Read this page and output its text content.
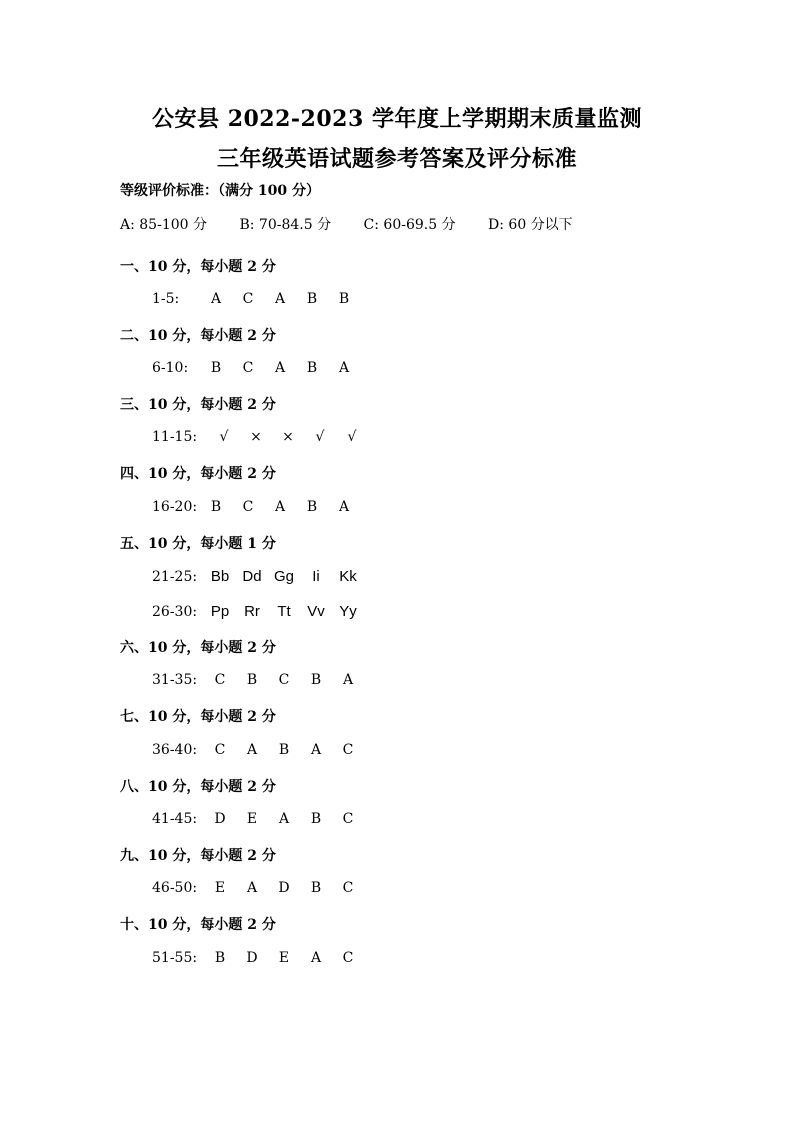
公安县 2022-2023 学年度上学期期末质量监测
三年级英语试题参考答案及评分标准
等级评价标准：（满分 100 分）
A: 85-100 分 B: 70-84.5 分 C: 60-69.5 分 D: 60 分以下
一、10 分，每小题 2 分
1-5: A C A B B
二、10 分，每小题 2 分
6-10: B C A B A
三、10 分，每小题 2 分
11-15: √ × × √ √
四、10 分，每小题 2 分
16-20: B C A B A
五、10 分，每小题 1 分
21-25: Bb Dd Gg Ii Kk
26-30: Pp Rr Tt Vv Yy
六、10 分，每小题 2 分
31-35: C B C B A
七、10 分，每小题 2 分
36-40: C A B A C
八、10 分，每小题 2 分
41-45: D E A B C
九、10 分，每小题 2 分
46-50: E A D B C
十、10 分，每小题 2 分
51-55: B D E A C
